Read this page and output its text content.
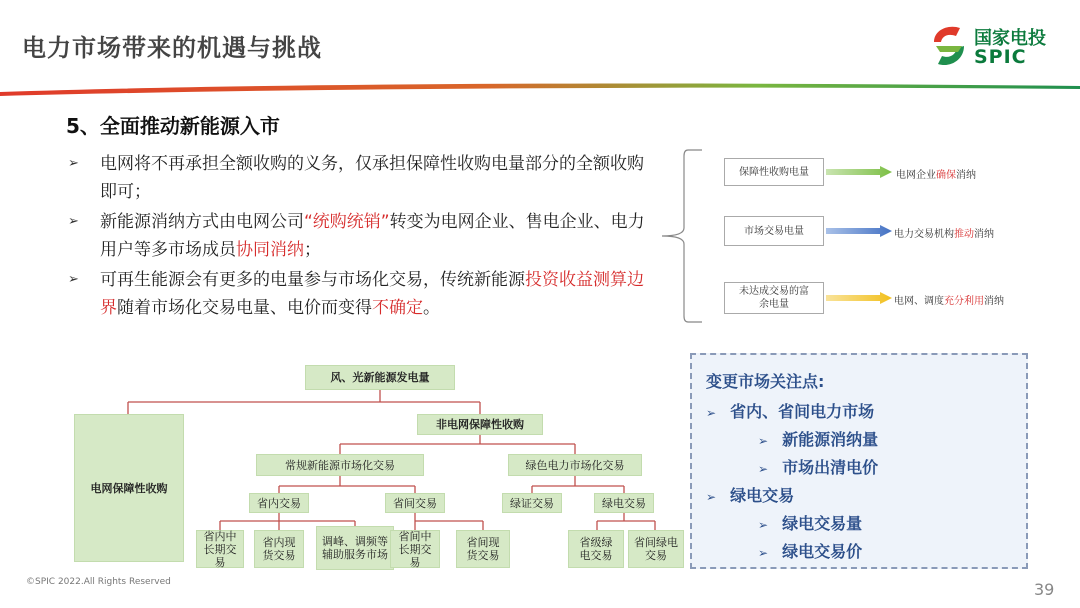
电力市场带来的机遇与挑战	国家电投
SPIC
5、全面推动新能源入市
➢ 电网将不再承担全额收购的义务，仅承担保障性收购电量部分的全额收购即可；
➢ 新能源消纳方式由电网公司“统购统销”转变为电网企业、售电企业、电力用户等多市场成员协同消纳；
➢ 可再生能源会有更多的电量参与市场化交易，传统新能源投资收益测算边界随着市场化交易电量、电价而变得不确定。
保障性收购电量	电网企业确保消纳
市场交易电量	电力交易机构推动消纳
未达成交易的富余电量	电网、调度充分利用消纳
风、光新能源发电量
电网保障性收购
非电网保障性收购
常规新能源市场化交易	绿色电力市场化交易
省内交易	省间交易	绿证交易	绿电交易
省内中长期交易
省内现货交易
调峰、调频等辅助服务市场
省间中长期交易
省间现货交易
省级绿电交易
省间绿电交易
变更市场关注点:
➢ 省内、省间电力市场
➢ 新能源消纳量
➢ 市场出清电价
➢ 绿电交易
➢ 绿电交易量
➢ 绿电交易价
©SPIC 2022.All Rights Reserved	39
